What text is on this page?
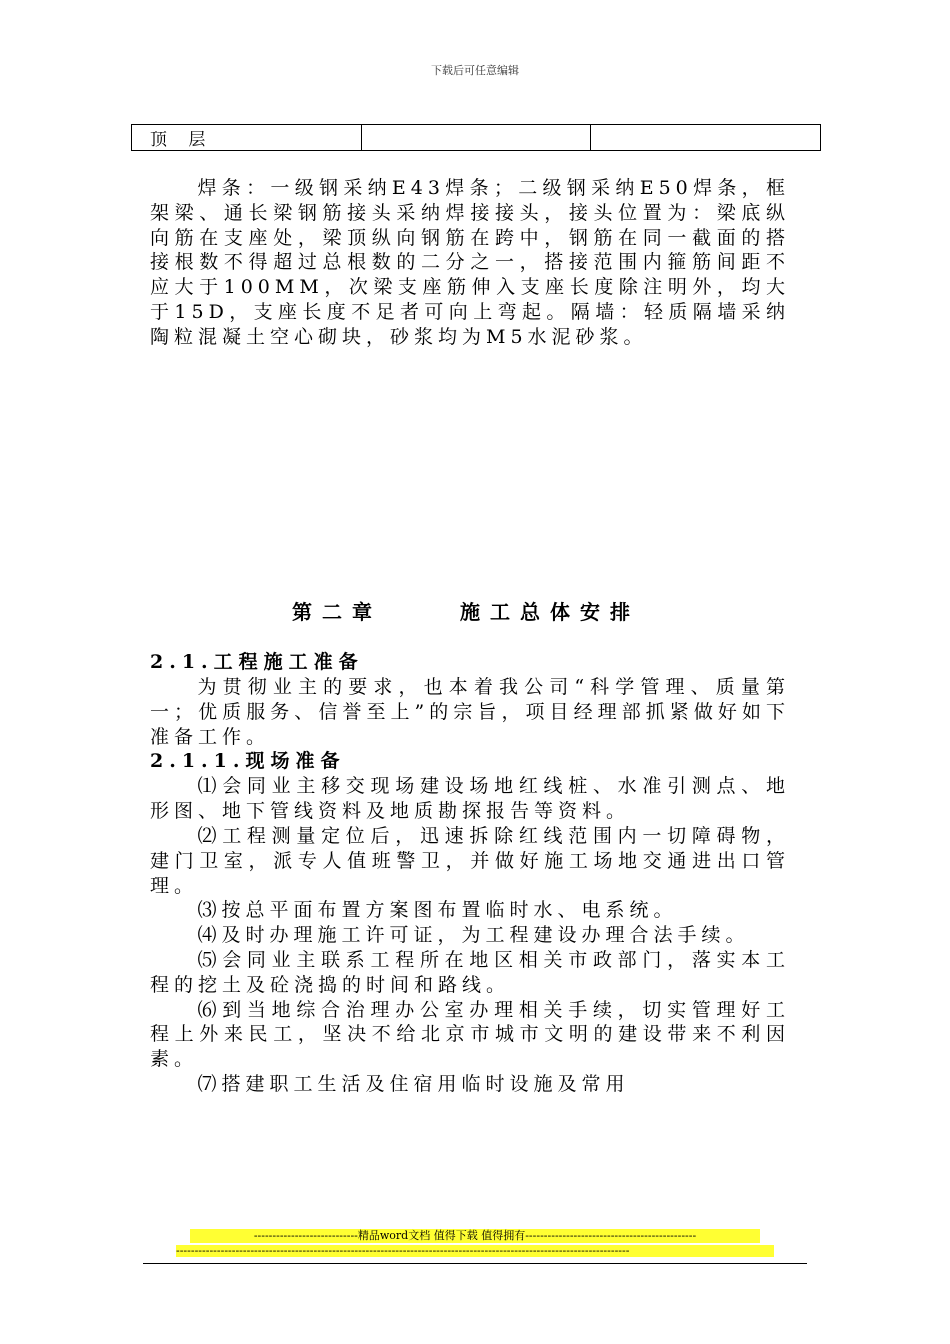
下载后可任意编辑
顶 层		
焊条：一级钢采纳E43焊条；二级钢采纳E50焊条，框架梁、通长梁钢筋接头采纳焊接接头，接头位置为：梁底纵向筋在支座处，梁顶纵向钢筋在跨中，钢筋在同一截面的搭接根数不得超过总根数的二分之一，搭接范围内箍筋间距不应大于100MM，次梁支座筋伸入支座长度除注明外，均大于15D，支座长度不足者可向上弯起。隔墙：轻质隔墙采纳陶粒混凝土空心砌块，砂浆均为M5水泥砂浆。
第二章	施工总体安排
2.1.工程施工准备

为贯彻业主的要求，也本着我公司“科学管理、质量第一；优质服务、信誉至上”的宗旨，项目经理部抓紧做好如下准备工作。

2.1.1.现场准备

⑴会同业主移交现场建设场地红线桩、水准引测点、地形图、地下管线资料及地质勘探报告等资料。

⑵工程测量定位后，迅速拆除红线范围内一切障碍物，建门卫室，派专人值班警卫，并做好施工场地交通进出口管理。

⑶按总平面布置方案图布置临时水、电系统。

⑷及时办理施工许可证，为工程建设办理合法手续。

⑸会同业主联系工程所在地区相关市政部门，落实本工程的挖土及砼浇捣的时间和路线。

⑹到当地综合治理办公室办理相关手续，切实管理好工程上外来民工，坚决不给北京市城市文明的建设带来不利因素。

⑺搭建职工生活及住宿用临时设施及常用

----------------------------精品word文档 值得下载 值得拥有----------------------------------------------
--------------------------------------------------------------------------------------------------------------------------
